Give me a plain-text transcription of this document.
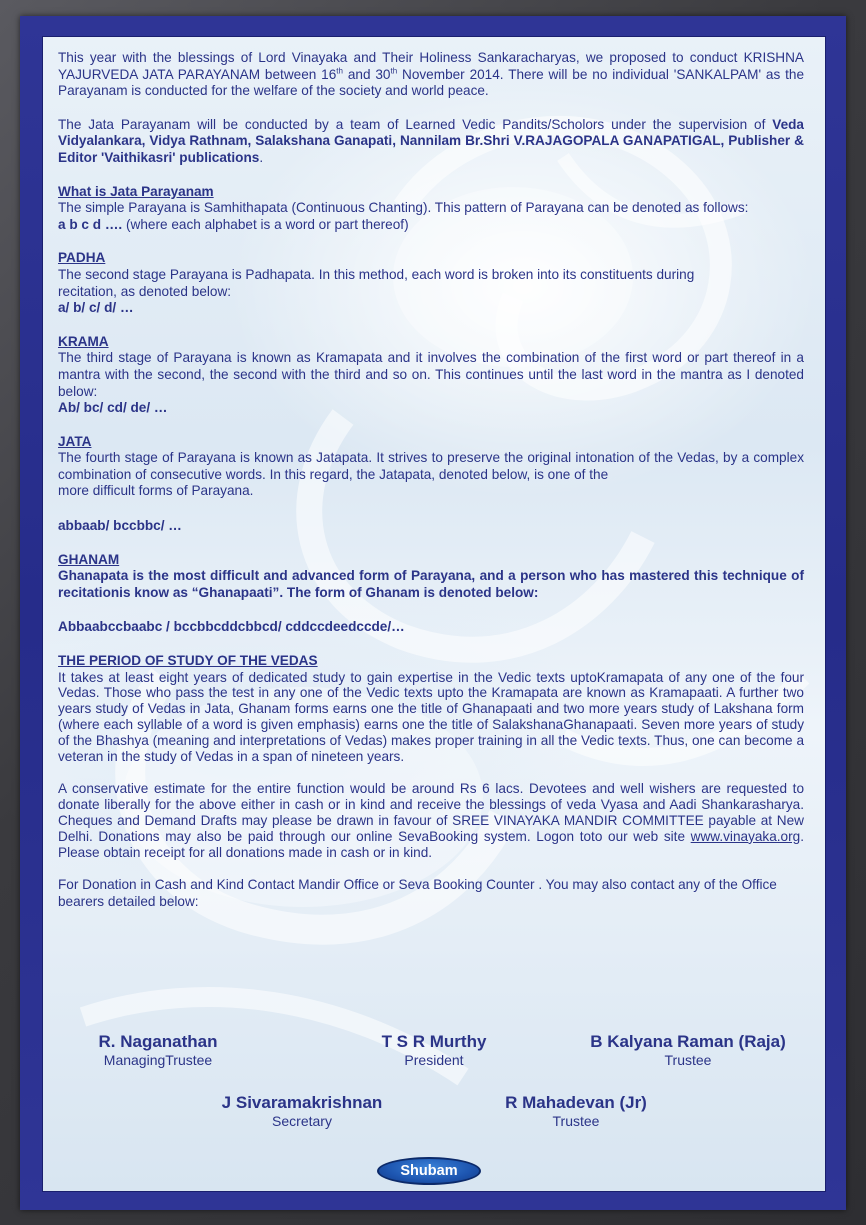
This year with the blessings of Lord Vinayaka and Their Holiness Sankaracharyas, we proposed to conduct KRISHNA YAJURVEDA JATA PARAYANAM between 16th and 30th November 2014. There will be no individual 'SANKALPAM' as the Parayanam is conducted for the welfare of the society and world peace.

The Jata Parayanam will be conducted by a team of Learned Vedic Pandits/Scholors under the supervision of Veda Vidyalankara, Vidya Rathnam, Salakshana Ganapati, Nannilam Br.Shri V.RAJAGOPALA GANAPATIGAL, Publisher & Editor 'Vaithikasri' publications.

What is Jata Parayanam

The simple Parayana is Samhithapata (Continuous Chanting). This pattern of Parayana can be denoted as follows:

a b c d …. (where each alphabet is a word or part thereof)

PADHA

The second stage Parayana is Padhapata. In this method, each word is broken into its constituents during

recitation, as denoted below:

a/ b/ c/ d/ …

KRAMA

The third stage of Parayana is known as Kramapata and it involves the combination of the first word or part thereof in a mantra with the second, the second with the third and so on. This continues until the last word in the mantra as I denoted below:

Ab/ bc/ cd/ de/ …

JATA

The fourth stage of Parayana is known as Jatapata. It strives to preserve the original intonation of the Vedas, by a complex combination of consecutive words. In this regard, the Jatapata, denoted below, is one of the

more difficult forms of Parayana.

abbaab/ bccbbc/ …

GHANAM

Ghanapata is the most difficult and advanced form of Parayana, and a person who has mastered this technique of recitationis know as “Ghanapaati”. The form of Ghanam is denoted below:

Abbaabccbaabc / bccbbcddcbbcd/ cddccdeedccde/…

THE PERIOD OF STUDY OF THE VEDAS

It takes at least eight years of dedicated study to gain expertise in the Vedic texts uptoKramapata of any one of the four Vedas. Those who pass the test in any one of the Vedic texts upto the Kramapata are known as Kramapaati. A further two years study of Vedas in Jata, Ghanam forms earns one the title of Ghanapaati and two more years study of Lakshana form (where each syllable of a word is given emphasis) earns one the title of SalakshanaGhanapaati. Seven more years of study of the Bhashya (meaning and interpretations of Vedas) makes proper training in all the Vedic texts. Thus, one can become a veteran in the study of Vedas in a span of nineteen years.

A conservative estimate for the entire function would be around Rs 6 lacs. Devotees and well wishers are requested to donate liberally for the above either in cash or in kind and receive the blessings of veda Vyasa and Aadi Shankarasharya. Cheques and Demand Drafts may please be drawn in favour of SREE VINAYAKA MANDIR COMMITTEE payable at New Delhi. Donations may also be paid through our online SevaBooking system. Logon toto our web site www.vinayaka.org. Please obtain receipt for all donations made in cash or in kind.

For Donation in Cash and Kind Contact Mandir Office or Seva Booking Counter . You may also contact any of the Office bearers detailed below:

R. Naganathan
ManagingTrustee
T S R Murthy
President
B Kalyana Raman (Raja)
Trustee
J Sivaramakrishnan
Secretary
R Mahadevan (Jr)
Trustee
Shubam
